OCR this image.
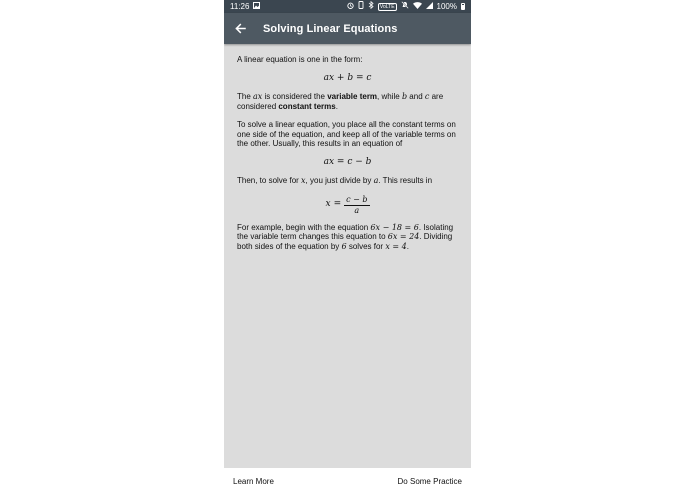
11:26	VoLTE	100%
Solving Linear Equations

A linear equation is one in the form:

ax + b = c

The ax is considered the variable term, while b and c are considered constant terms.

To solve a linear equation, you place all the constant terms on one side of the equation, and keep all of the variable terms on the other. Usually, this results in an equation of

ax = c − b

Then, to solve for x, you just divide by a. This results in

$x = \frac{c - b}{a}$

For example, begin with the equation 6x − 18 = 6. Isolating the variable term changes this equation to 6x = 24. Dividing both sides of the equation by 6 solves for x = 4.

Learn More	Do Some Practice
